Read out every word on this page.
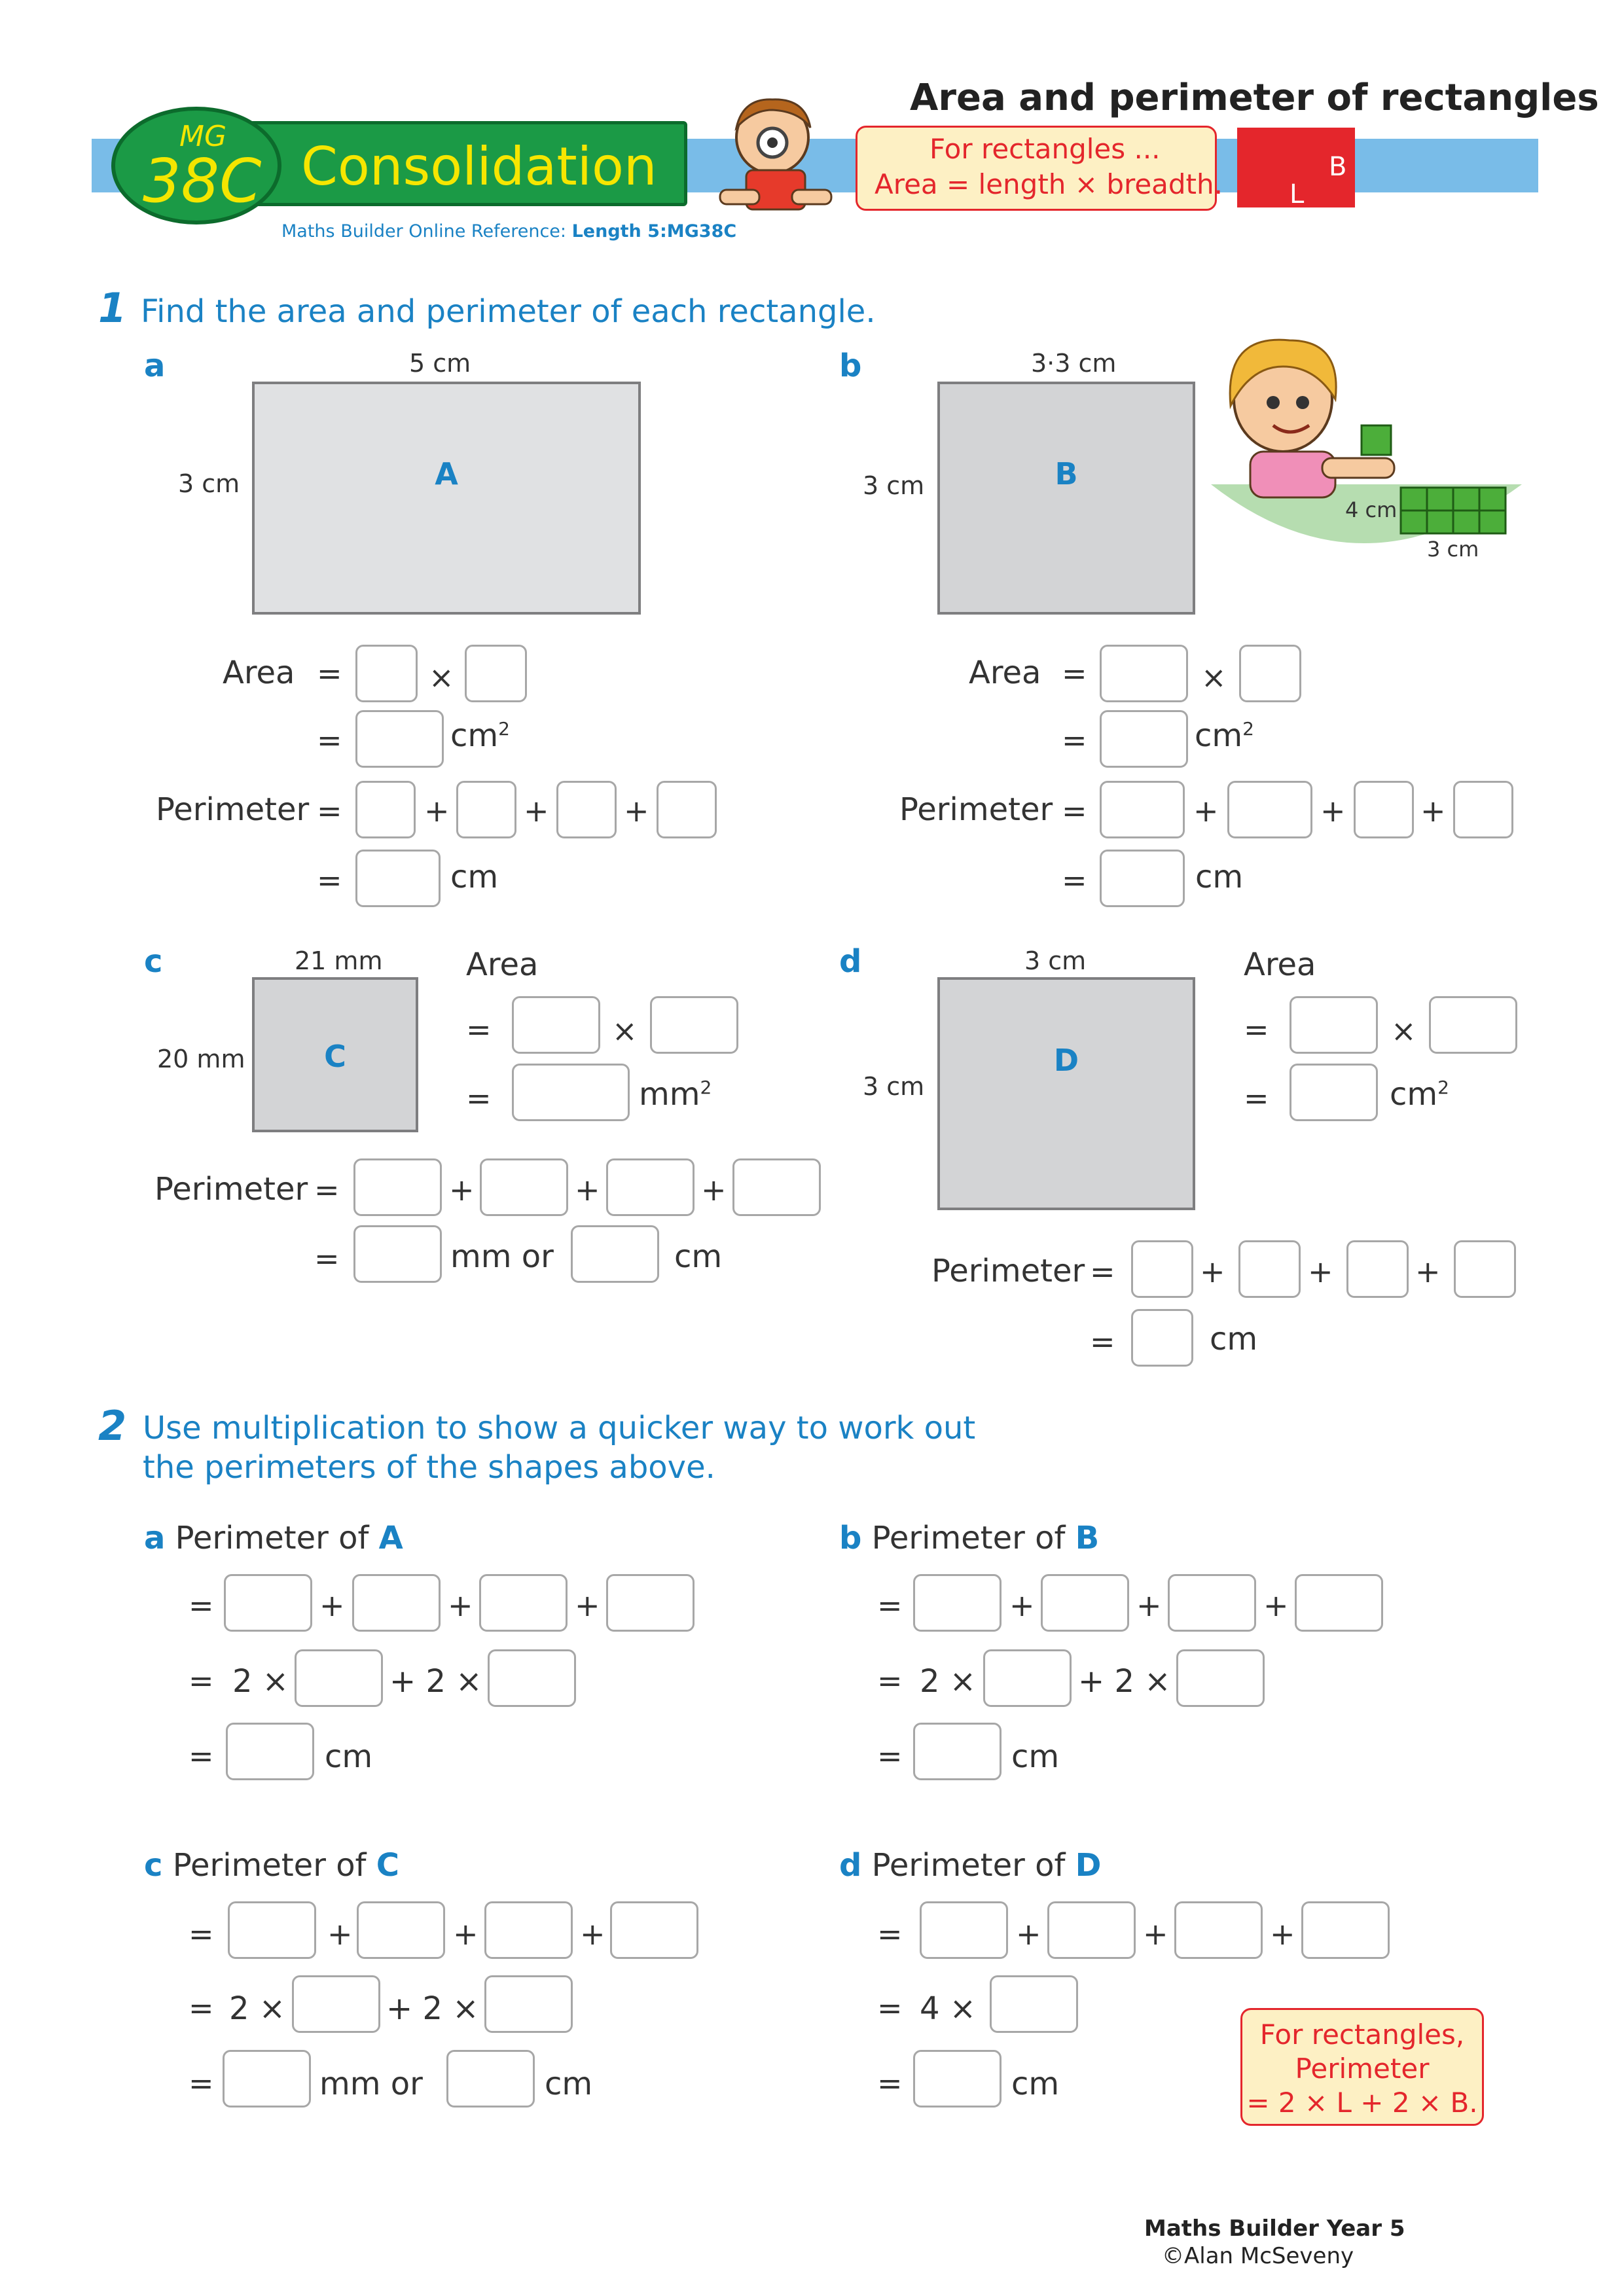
Consolidation
MG
38C
Area and perimeter of rectangles
For rectangles ...
Area = length × breadth.
B
L
Maths Builder Online Reference: Length 5:MG38C
1 Find the area and perimeter of each rectangle.
a	5 cm
3 cm	A
Area =	×
=	$cm^2$
Perimeter =	+ + +
=	cm
b	3·3 cm
3 cm	B
4 cm
3 cm
Area =	×
=	$cm^2$
Perimeter =	+	+ +
=	cm
c	21 mm
20 mm	C
Area
=	×
=	$mm^2$
Perimeter =	+	+	+
=	mm or	cm
d	3 cm
3 cm
D
Area
=	×
=	$cm^2$
Perimeter =	+	+	+
=	cm
2 Use multiplication to show a quicker way to work out
the perimeters of the shapes above.
a Perimeter of A
=	+	+	+
= 2 ×	+ 2 ×
=	cm
b Perimeter of B
=	+	+	+
= 2 ×	+ 2 ×
=	cm
c Perimeter of C
=	+	+	+
= 2 ×	+ 2 ×
=	mm or	cm
d Perimeter of D
=	+	+	+
= 4 ×
=	cm
For rectangles,
Perimeter
= 2 × L + 2 × B.
Maths Builder Year 5
©Alan McSeveny
